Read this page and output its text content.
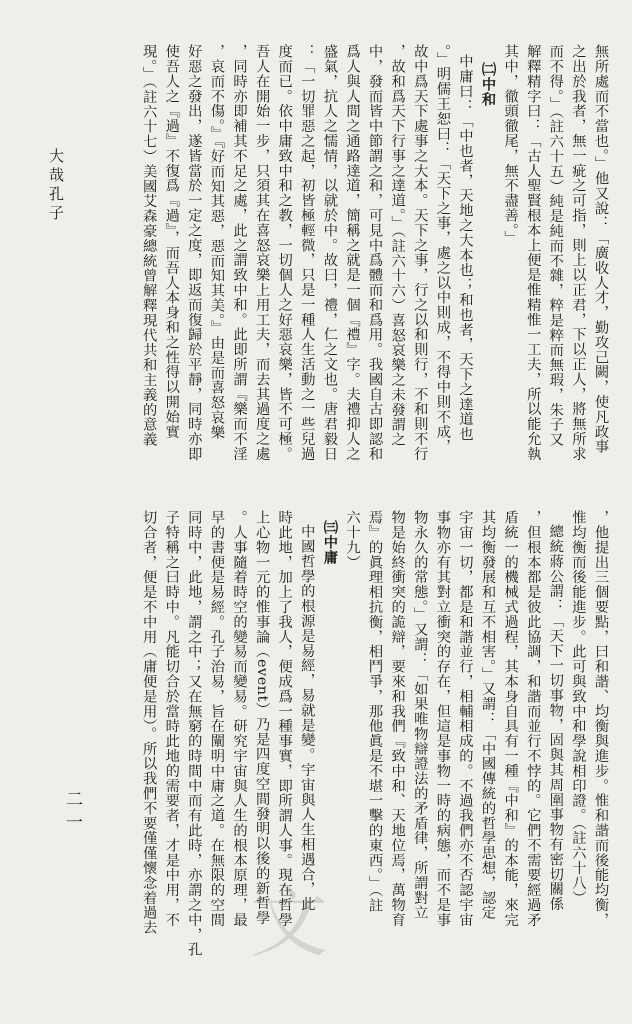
大哉孔子	無所處而不當也。」他又說：「廣收人才，勤攻己闕，使凡政事

之出於我者，無一疵之可指，則上以正君，下以正人，將無所求

而不得。」（註六十五）純是純而不雜，粹是粹而無瑕，朱子又

解釋精字曰：「古人聖賢根本上便是惟精惟一工夫，所以能允執

其中，徹頭徹尾，無不盡善。」

㈡中和

中庸曰：「中也者，天地之大本也；和也者，天下之達道也

。」明儒王恕曰：「天下之事，處之以中則成，不得中則不成，

故中爲天下處事之大本。天下之事，行之以和則行，不和則不行

，故和爲天下行事之達道。」（註六十六）喜怒哀樂之未發謂之

中，發而皆中節謂之和，可見中爲體而和爲用。我國自古即認和

爲人與人間之通路達道，簡稱之就是一個『禮』字。夫禮抑人之

盛氣，抗人之懦情，以就於中。故曰，禮，仁之文也。唐君毅日

：「一切罪惡之起，初皆極輕微，只是一種人生活動之一些兒過

度而已。依中庸致中和之教，一切個人之好惡哀樂，皆不可極。

吾人在開始一步，只須其在喜怒哀樂上用工夫，而去其過度之處

，同時亦即補其不足之處，此之謂致中和。此即所謂『樂而不淫

，哀而不傷。』『好而知其惡，惡而知其美。』由是而喜怒哀樂

好惡之發出，遂皆當於一定之度，即返而復歸於平靜，同時亦即

使吾人之『過』不復爲『過』，而吾人本身和之性得以開始實

現。」（註六十七）美國艾森豪總統曾解釋現代共和主義的意義

，他提出三個要點，曰和諧、均衡與進步。惟和諧而後能均衡，

惟均衡而後能進步。此可與致中和學說相印證。（註六十八）

總統蔣公謂：「天下一切事物，固與其周圍事物有密切關係

，但根本都是彼此協調，和諧而並行不悖的。它們不需要經過矛

盾統一的機械式過程，其本身自具有一種『中和』的本能，來完

其均衡發展和互不相害。」又謂：「中國傳統的哲學思想，認定

宇宙一切，都是和諧並行，相輔相成的。不過我們亦不否認宇宙

事物亦有其對立衝突的存在，但這是事物一時的病態，而不是事

物永久的常態。」又謂：「如果唯物辯證法的矛盾律，所謂對立

物是始終衝突的詭辯，要來和我們『致中和、天地位焉，萬物育

焉』的眞理相抗衡，相鬥爭，那他眞是不堪一擊的東西。」（註

六十九）

㈢中庸

中國哲學的根源是易經，易就是變。宇宙與人生相遇合，此

時此地，加上了我人，便成爲一種事實，即所謂人事。現在哲學

上心物一元的惟事論（event）乃是四度空間發明以後的新哲學

。人事隨着時空的變易而變易。研究宇宙與人生的根本原理，最

早的書便是易經。孔子治易，旨在闡明中庸之道。在無限的空間

同時中，此地，謂之中；又在無窮的時間中而有此時，亦謂之中，孔

子特稱之曰時中。凡能切合於當時此地的需要者，才是中用，不

切合者，便是不中用（庸便是用）。所以我們不要僅僅懷念着過去

二一
文
